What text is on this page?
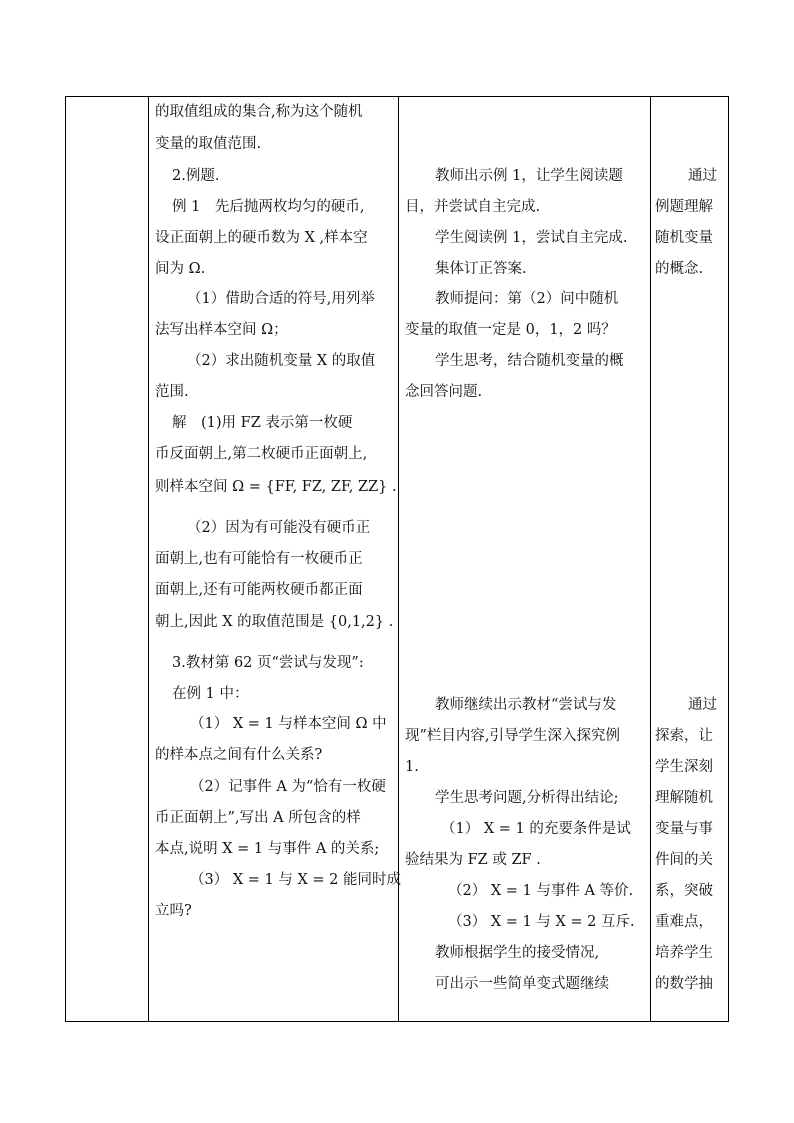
的取值组成的集合,称为这个随机
变量的取值范围.
2.例题.
例 1　先后抛两枚均匀的硬币,
设正面朝上的硬币数为 X ,样本空
间为 Ω.
（1）借助合适的符号,用列举
法写出样本空间 Ω；
（2）求出随机变量 X 的取值
范围.
解　(1)用 FZ 表示第一枚硬
币反面朝上,第二枚硬币正面朝上,
则样本空间 Ω = {FF, FZ, ZF, ZZ} .
（2）因为有可能没有硬币正
面朝上,也有可能恰有一枚硬币正
面朝上,还有可能两枚硬币都正面
朝上,因此 X 的取值范围是 {0,1,2} .
3.教材第 62 页“尝试与发现”:
在例 1 中：
（1） X = 1 与样本空间 Ω 中
的样本点之间有什么关系?
（2）记事件 A 为“恰有一枚硬
币正面朝上”,写出 A 所包含的样
本点,说明 X = 1 与事件 A 的关系;
（3） X = 1 与 X = 2 能同时成
立吗?
教师出示例 1，让学生阅读题
目，并尝试自主完成.
学生阅读例 1，尝试自主完成.
集体订正答案.
教师提问：第（2）问中随机
变量的取值一定是 0，1，2 吗？
学生思考，结合随机变量的概
念回答问题.
教师继续出示教材“尝试与发
现”栏目内容,引导学生深入探究例
1.
学生思考问题,分析得出结论;
（1） X = 1 的充要条件是试
验结果为 FZ 或 ZF .
（2） X = 1 与事件 A 等价.
（3） X = 1 与 X = 2 互斥.
教师根据学生的接受情况,
可出示一些简单变式题继续
通过
例题理解
随机变量
的概念.
通过
探索，让
学生深刻
理解随机
变量与事
件间的关
系，突破
重难点，
培养学生
的数学抽
